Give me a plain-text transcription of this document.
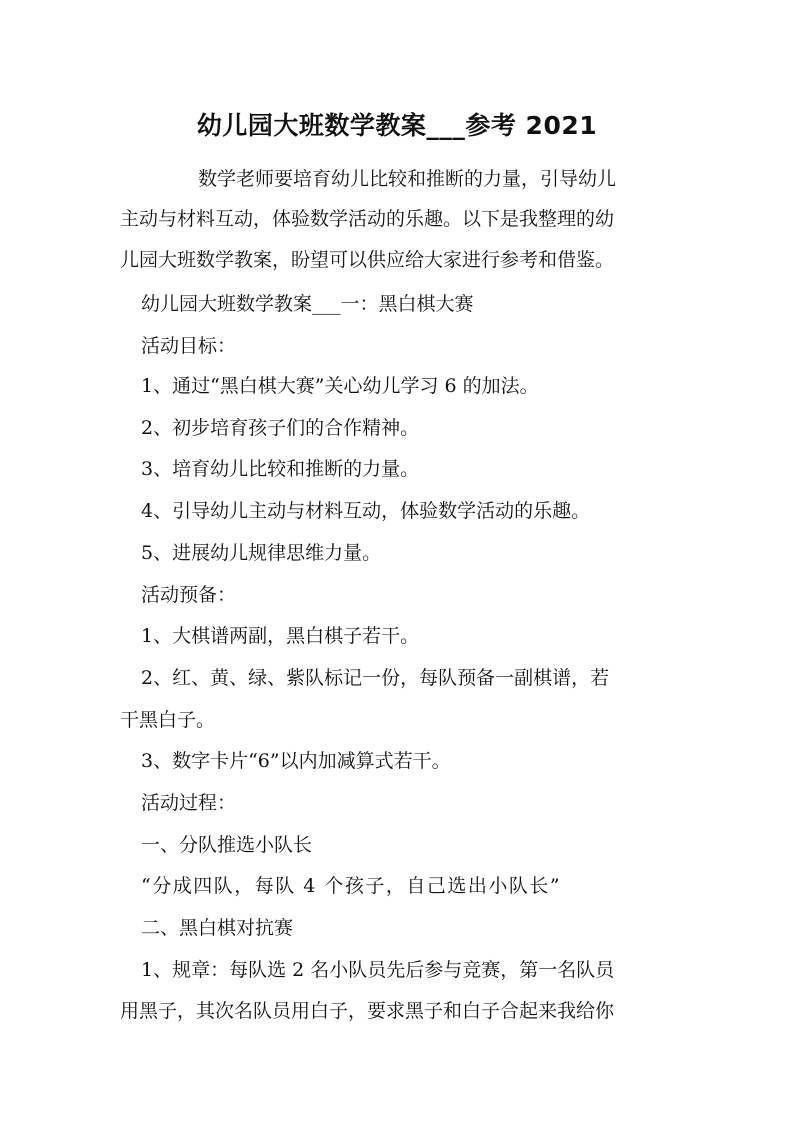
幼儿园大班数学教案___参考 2021
数学老师要培育幼儿比较和推断的力量，引导幼儿
主动与材料互动，体验数学活动的乐趣。以下是我整理的幼
儿园大班数学教案，盼望可以供应给大家进行参考和借鉴。
幼儿园大班数学教案___一：黑白棋大赛
活动目标：
1、通过“黑白棋大赛”关心幼儿学习 6 的加法。
2、初步培育孩子们的合作精神。
3、培育幼儿比较和推断的力量。
4、引导幼儿主动与材料互动，体验数学活动的乐趣。
5、进展幼儿规律思维力量。
活动预备：
1、大棋谱两副，黑白棋子若干。
2、红、黄、绿、紫队标记一份，每队预备一副棋谱，若
干黑白子。
3、数字卡片“6”以内加减算式若干。
活动过程：
一、分队推选小队长
“分成四队，每队 4 个孩子，自己选出小队长”
二、黑白棋对抗赛
1、规章：每队选 2 名小队员先后参与竞赛，第一名队员
用黑子，其次名队员用白子，要求黑子和白子合起来我给你
